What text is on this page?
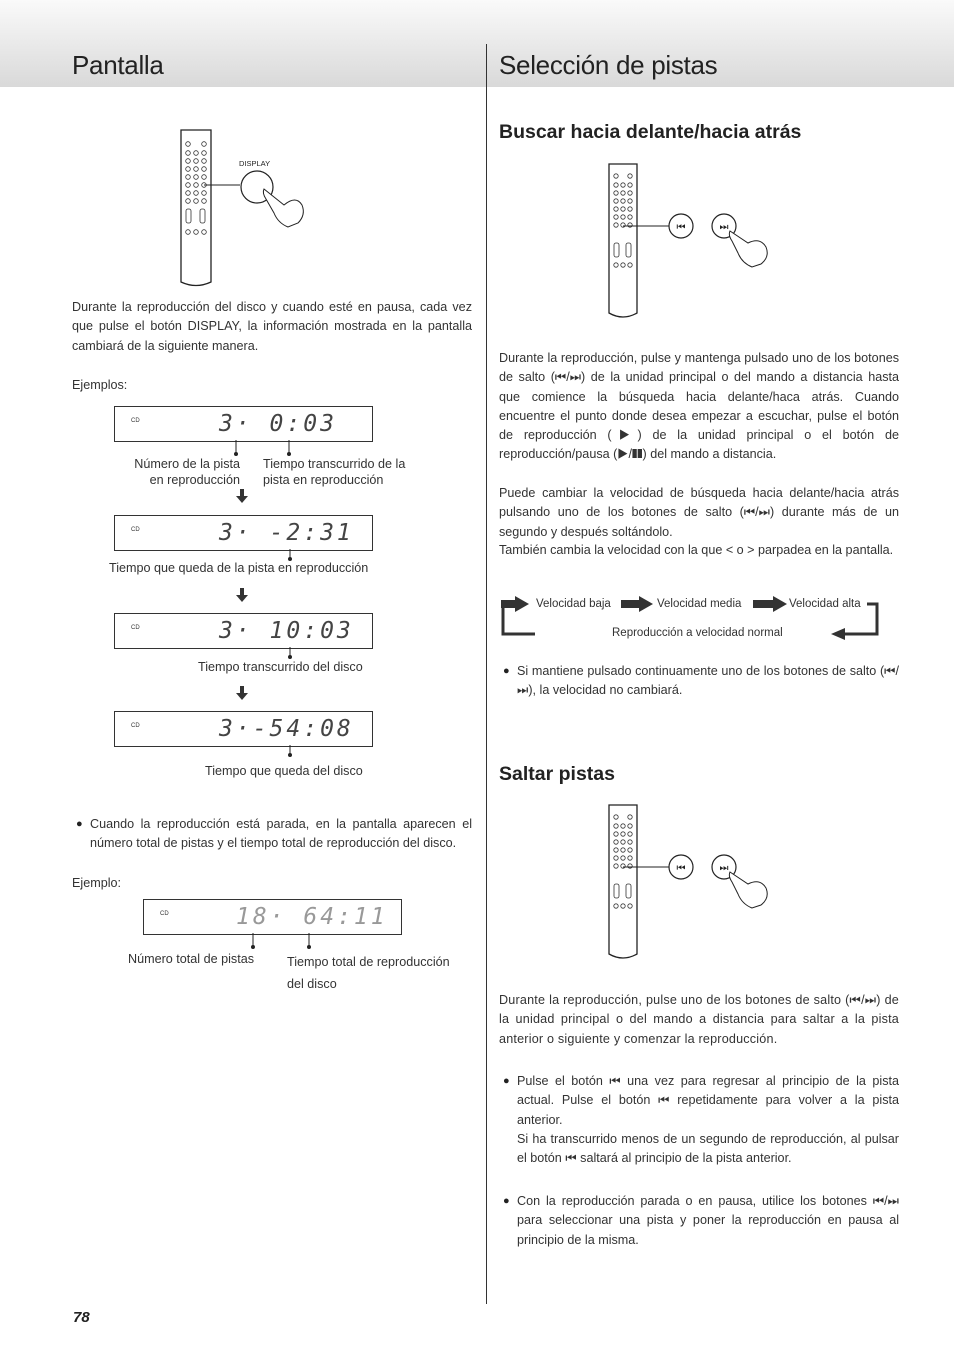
Pantalla	Selección de pistas
DISPLAY

Durante la reproducción del disco y cuando esté en pausa, cada vez que pulse el botón DISPLAY, la información mostrada en la pantalla cambiará de la siguiente manera.

Ejemplos:

CD	3· 0:03

Número de la pista en reproducción

Tiempo transcurrido de la pista en reproducción

CD	3· -2:31

Tiempo que queda de la pista en reproducción

CD	3· 10:03

Tiempo transcurrido del disco

CD	3·-54:08

Tiempo que queda del disco

● Cuando la reproducción está parada, en la pantalla aparecen el número total de pistas y el tiempo total de reproducción del disco.

Ejemplo:

CD	18· 64:11

Número total de pistas	Tiempo total de reproducción del disco

78
Buscar hacia delante/hacia atrás
⏮	⏭

Durante la reproducción, pulse y mantenga pulsado uno de los botones de salto (⏮/⏭) de la unidad principal o del mando a distancia hasta que comience la búsqueda hacia delante/haca atrás. Cuando encuentre el punto donde desea empezar a escuchar, pulse el botón de reproducción (▶) de la unidad principal o el botón de reproducción/pausa (▶/❚❚) del mando a distancia.

Puede cambiar la velocidad de búsqueda hacia delante/hacia atrás pulsando uno de los botones de salto (⏮/⏭) durante más de un segundo y después soltándolo.

También cambia la velocidad con la que < o > parpadea en la pantalla.

Velocidad baja	Velocidad media	Velocidad alta
Reproducción a velocidad normal
● Si mantiene pulsado continuamente uno de los botones de salto (⏮/⏭), la velocidad no cambiará.

Saltar pistas
⏮	⏭

Durante la reproducción, pulse uno de los botones de salto (⏮/⏭) de la unidad principal o del mando a distancia para saltar a la pista anterior o siguiente y comenzar la reproducción.

● Pulse el botón ⏮ una vez para regresar al principio de la pista actual. Pulse el botón ⏮ repetidamente para volver a la pista anterior.

Si ha transcurrido menos de un segundo de reproducción, al pulsar el botón ⏮ saltará al principio de la pista anterior.

● Con la reproducción parada o en pausa, utilice los botones ⏮/⏭ para seleccionar una pista y poner la reproducción en pausa al principio de la misma.
